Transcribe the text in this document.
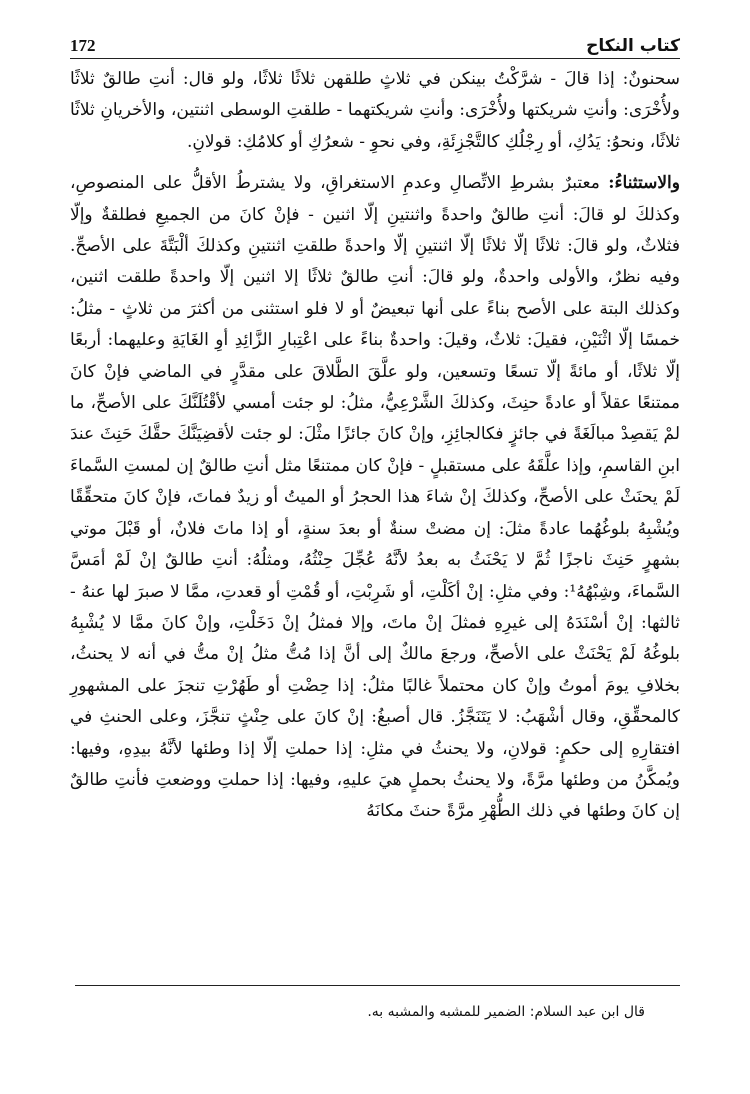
كتاب النكاح
172

سحنونٌ: إذا قالَ - شرَّكْتُ بينكن في ثلاثٍ طلقهن ثلاثًا ثلاثًا، ولو قال: أنتِ طالقٌ ثلاثًا ولأُخْرَى: وأنتِ شريكتها ولأُخْرَى: وأنتِ شريكتهما - طلقتِ الوسطى اثنتين، والأخريانِ ثلاثًا ثلاثًا، ونحوُ: يَدُكِ، أو رِجْلُكِ كالتَّجْزِئَةِ، وفي نحوِ - شعرُكِ أو كلامُكِ: قولانِ.

والاستثناءُ: معتبرٌ بشرطِ الاتِّصالِ وعدمِ الاستغراقِ، ولا يشترطُ الأقلُّ على المنصوصِ، وكذلكَ لو قالَ: أنتِ طالقٌ واحدةً واثنتينِ إلّا اثنين - فإنْ كانَ من الجميعِ فطلقةٌ وإلّا فثلاثٌ، ولو قالَ: ثلاثًا إلّا ثلاثًا إلّا اثنتينِ إلّا واحدةً طلقتِ اثنتينِ وكذلكَ ألْبَتَّةَ على الأصحِّ. وفيه نظرٌ، والأولى واحدةٌ، ولو قالَ: أنتِ طالقٌ ثلاثًا إلا اثنين إلّا واحدةً طلقت اثنين، وكذلك البتة على الأصح بناءً على أنها تبعيضٌ أو لا فلو استثنى من أكثرَ من ثلاثٍ - مثلُ: خمسًا إلّا اثْنَيْنِ، فقيلَ: ثلاثٌ، وقيلَ: واحدةٌ بناءً على اعْتِبارِ الزَّائِدِ أوِ الغَايَةِ وعليهما: أربعًا إلّا ثلاثًا، أو مائةً إلّا تسعًا وتسعين، ولو علَّقَ الطَّلاقَ على مقدَّرٍ في الماضي فإنْ كانَ ممتنعًا عقلاً أو عادةً حنِثَ، وكذلكَ الشَّرْعِيُّ، مثلُ: لو جئت أمسي لأقْتُلَنَّكَ على الأصحِّ، ما لمْ يَقصِدْ مبالَغَةً في جائزٍ فكالجائِزِ، وإنْ كانَ جائزًا مثْلَ: لو جئت لأقضِيَنَّكَ حقَّكَ حَنِثَ عندَ ابنِ القاسمِ، وإذا علَّقَهُ على مستقبلٍ - فإنْ كان ممتنعًا مثل أنتِ طالقٌ إن لمستِ السَّماءَ لَمْ يحنَثْ على الأصحِّ، وكذلكَ إنْ شاءَ هذا الحجرُ أو الميتُ أو زيدٌ فماتَ، فإنْ كانَ متحقِّقًا ويُشْبِهُ بلوغُهُما عادةً مثلَ: إن مضتْ سنةٌ أو بعدَ سنةٍ، أو إذا ماتَ فلانٌ، أو قَبْلَ موتي بشهرٍ حَنِثَ ناجزًا ثُمَّ لا يَحْنَثُ به بعدُ لأنَّهُ عُجِّلَ حِنْثُهُ، ومثلُهُ: أنتِ طالقٌ إنْ لَمْ أمَسَّ السَّماءَ، وشِبْهُهُ¹: وفي مثلِ: إنْ أكَلْتِ، أو شَرِبْتِ، أو قُمْتِ أو قعدتِ، ممَّا لا صبرَ لها عنهُ - ثالثها: إنْ أسْنَدَهُ إلى غيرِهِ فمثلَ إنْ ماتَ، وإلا فمثلُ إنْ دَخَلْتِ، وإنْ كانَ ممَّا لا يُشْبِهُ بلوغُهُ لَمْ يَحْنَثْ على الأصحِّ، ورجعَ مالكٌ إلى أنَّ إذا مُتُّ مثلُ إنْ متُّ في أنه لا يحنثُ، بخلافِ يومَ أموتُ وإنْ كان محتملاً غالبًا مثلُ: إذا حِضْتِ أو طَهُرْتِ تنجزَ على المشهورِ كالمحقِّقِ، وقال أشْهَبُ: لا يَتَنَجَّزُ. قال أصبغُ: إنْ كانَ على حِنْثٍ تنجَّزَ، وعلى الحنثِ في افتقارِهِ إلى حكمٍ: قولانِ، ولا يحنثُ في مثلِ: إذا حملتِ إلّا إذا وطئها لأنَّهُ بيدِهِ، وفيها: ويُمكَّنُ من وطئها مرَّةً، ولا يحنثُ بحملٍ هيَ عليهِ، وفيها: إذا حملتِ ووضعتِ فأنتِ طالقٌ إن كانَ وطئها في ذلك الطُّهْرِ مرَّةً حنثَ مكانَهُ

قال ابن عبد السلام: الضمير للمشبه والمشبه به.
